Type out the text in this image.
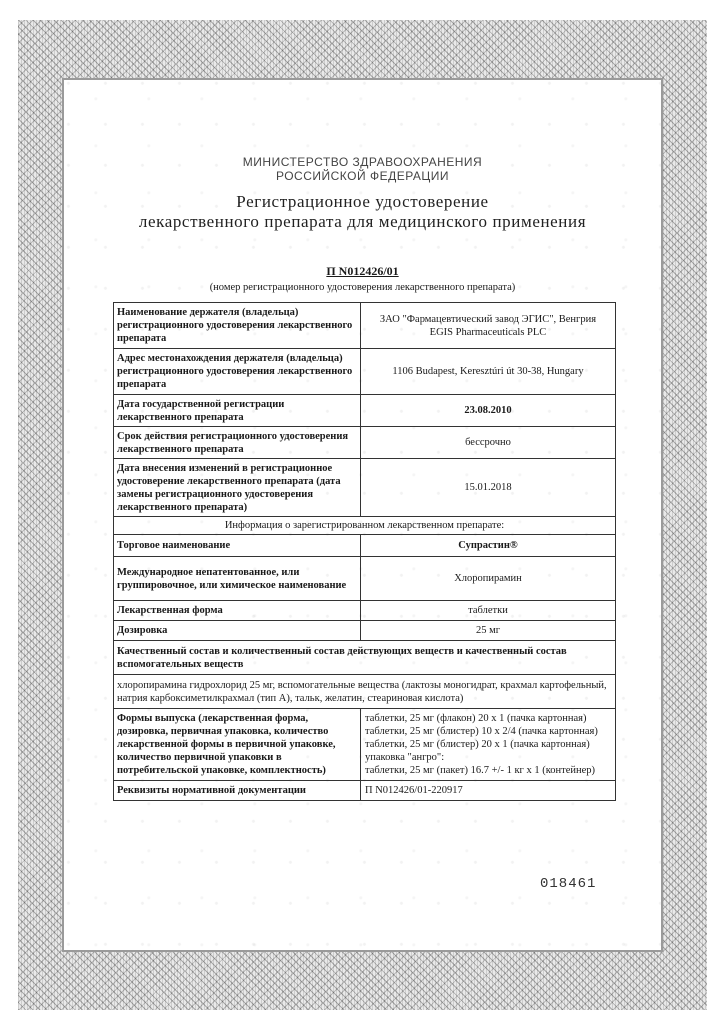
МИНИСТЕРСТВО ЗДРАВООХРАНЕНИЯ
РОССИЙСКОЙ ФЕДЕРАЦИИ
Регистрационное удостоверение
лекарственного препарата для медицинского применения
П N012426/01
(номер регистрационного удостоверения лекарственного препарата)
Наименование держателя (владельца) регистрационного удостоверения лекарственного препарата	ЗАО "Фармацевтический завод ЭГИС", Венгрия
EGIS Pharmaceuticals PLC

Адрес местонахождения держателя (владельца) регистрационного удостоверения лекарственного препарата	1106 Budapest, Keresztúri út 30-38, Hungary
Дата государственной регистрации лекарственного препарата	23.08.2010
Срок действия регистрационного удостоверения лекарственного препарата	бессрочно
Дата внесения изменений в регистрационное удостоверение лекарственного препарата (дата замены регистрационного удостоверения лекарственного препарата)	15.01.2018
Информация о зарегистрированном лекарственном препарате:	
Торговое наименование	Супрастин®
Международное непатентованное, или группировочное, или химическое наименование	Хлоропирамин
Лекарственная форма	таблетки
Дозировка	25 мг
Качественный состав и количественный состав действующих веществ и качественный состав вспомогательных веществ	
хлоропирамина гидрохлорид 25 мг, вспомогательные вещества (лактозы моногидрат, крахмал картофельный, натрия карбоксиметилкрахмал (тип А), тальк, желатин, стеариновая кислота)	
Формы выпуска (лекарственная форма, дозировка, первичная упаковка, количество лекарственной формы в первичной упаковке, количество первичной упаковки в потребительской упаковке, комплектность)	таблетки, 25 мг (флакон) 20 х 1 (пачка картонная)
таблетки, 25 мг (блистер) 10 х 2/4 (пачка картонная)
таблетки, 25 мг (блистер) 20 х 1 (пачка картонная)
упаковка "ангро":
таблетки, 25 мг (пакет) 16.7 +/- 1 кг х 1 (контейнер)

Реквизиты нормативной документации	П N012426/01-220917
018461
